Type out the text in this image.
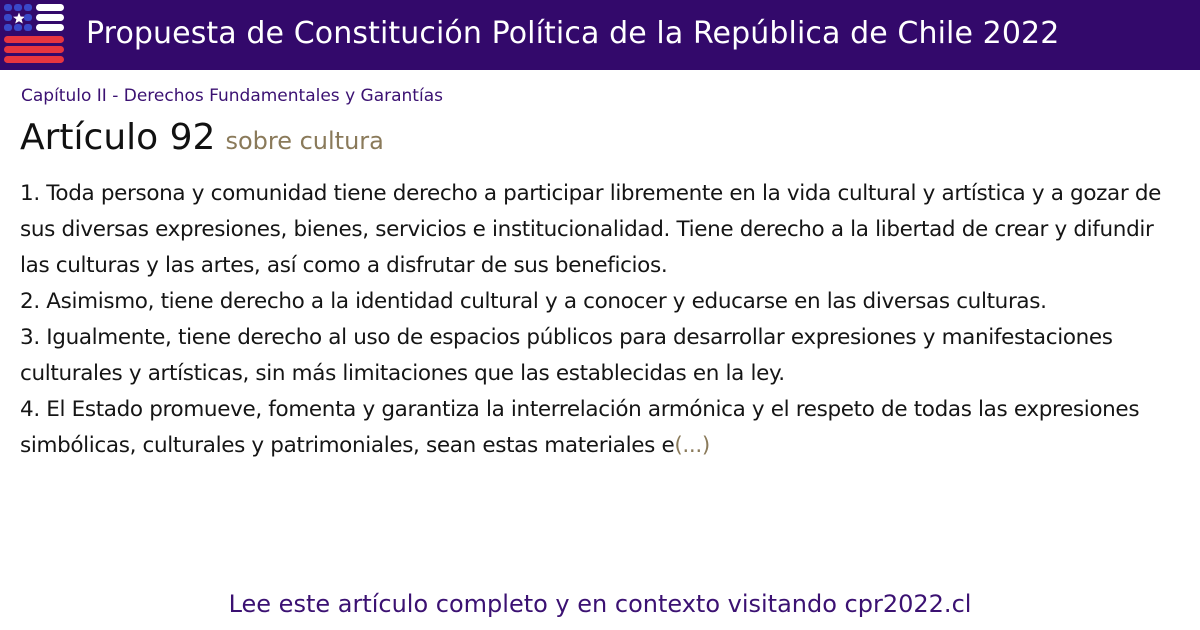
Propuesta de Constitución Política de la República de Chile 2022
Capítulo II - Derechos Fundamentales y Garantías
Artículo 92 sobre cultura

1. Toda persona y comunidad tiene derecho a participar libremente en la vida cultural y artística y a gozar de sus diversas expresiones, bienes, servicios e institucionalidad. Tiene derecho a la libertad de crear y difundir las culturas y las artes, así como a disfrutar de sus beneficios.

2. Asimismo, tiene derecho a la identidad cultural y a conocer y educarse en las diversas culturas.

3. Igualmente, tiene derecho al uso de espacios públicos para desarrollar expresiones y manifestaciones culturales y artísticas, sin más limitaciones que las establecidas en la ley.

4. El Estado promueve, fomenta y garantiza la interrelación armónica y el respeto de todas las expresiones simbólicas, culturales y patrimoniales, sean estas materiales e(...)

Lee este artículo completo y en contexto visitando cpr2022.cl
